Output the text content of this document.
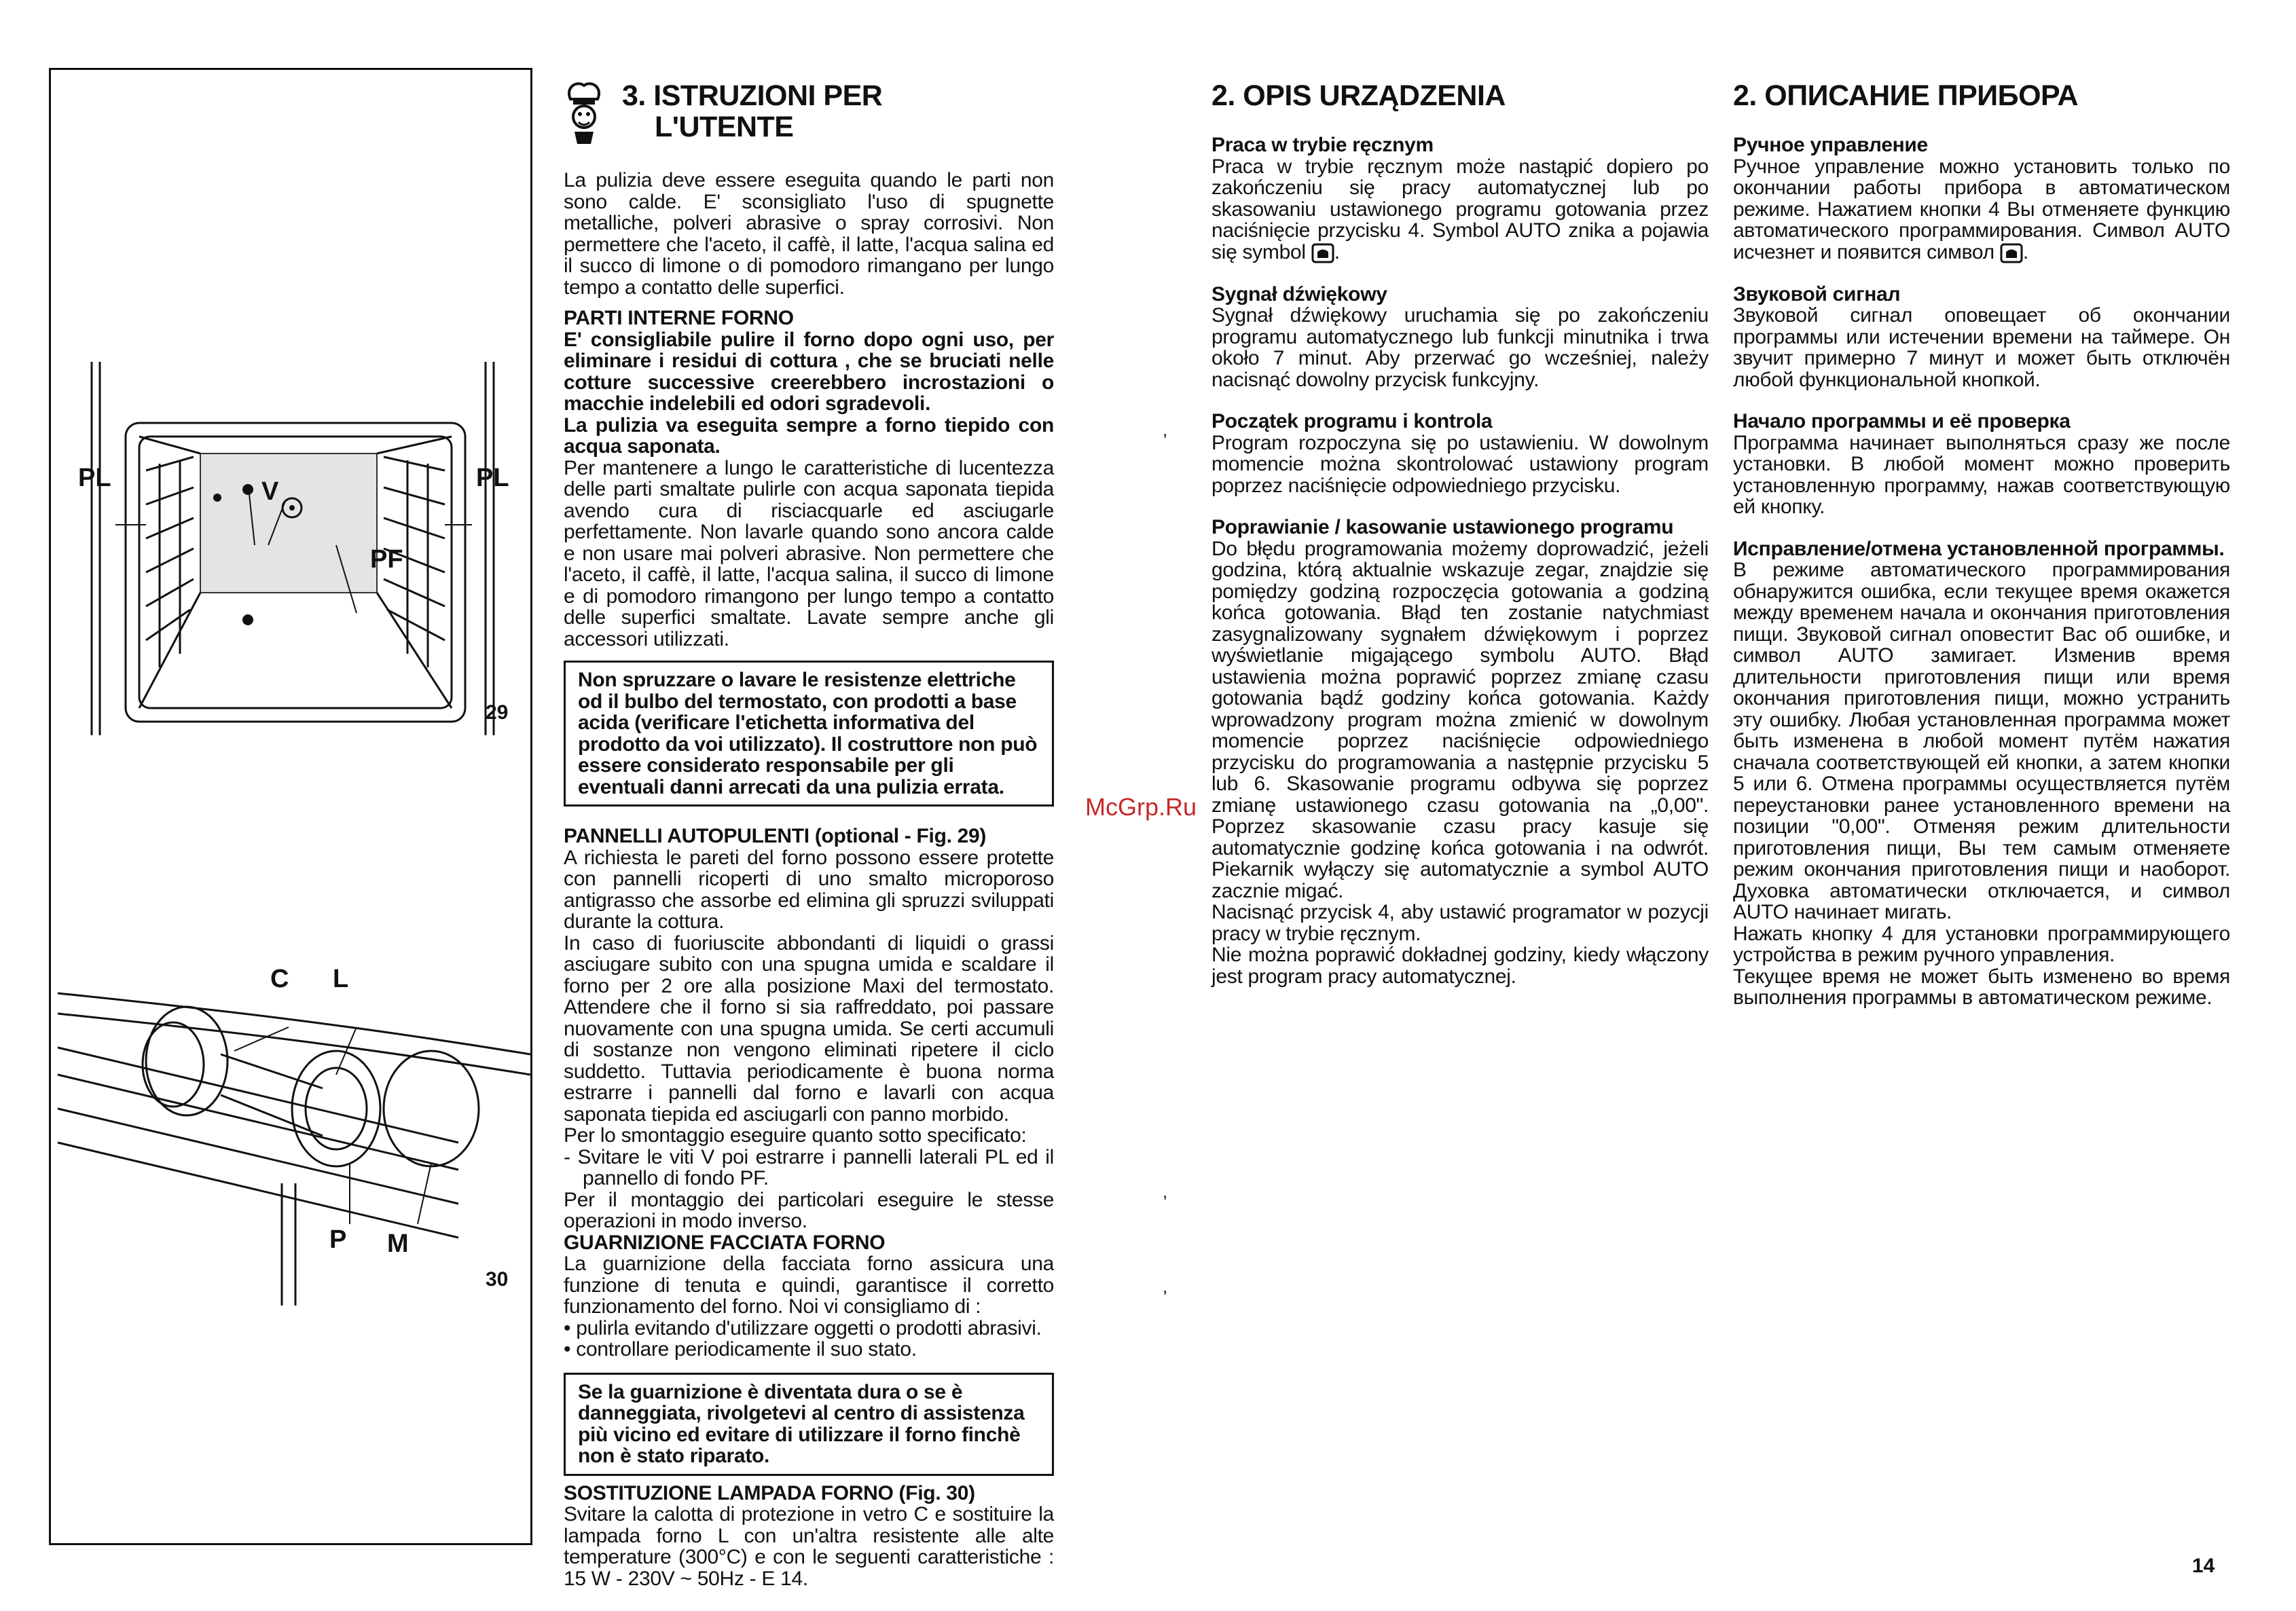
PL	PL
V
PF
29
C L
P M
30

3. ISTRUZIONI PER

L'UTENTE

La pulizia deve essere eseguita quando le parti non sono calde. E' sconsigliato l'uso di spugnette metalliche, polveri abrasive o spray corrosivi. Non permettere che l'aceto, il caffè, il latte, l'acqua salina ed il succo di limone o di pomodoro rimangano per lungo tempo a contatto delle superfici.

PARTI INTERNE FORNO

E' consigliabile pulire il forno dopo ogni uso, per eliminare i residui di cottura , che se bruciati nelle cotture successive creerebbero incrostazioni o macchie indelebili ed odori sgradevoli.

La pulizia va eseguita sempre a forno tiepido con acqua saponata.

Per mantenere a lungo le caratteristiche di lucentezza delle parti smaltate pulirle con acqua saponata tiepida avendo cura di risciacquarle ed asciugarle perfettamente. Non lavarle quando sono ancora calde e non usare mai polveri abrasive. Non permettere che l'aceto, il caffè, il latte, l'acqua salina, il succo di limone e di pomodoro rimangono per lungo tempo a contatto delle superfici smaltate. Lavate sempre anche gli accessori utilizzati.

Non spruzzare o lavare le resistenze elettriche od il bulbo del termostato, con prodotti a base acida (verificare l'etichetta informativa del prodotto da voi utilizzato). Il costruttore non può essere considerato responsabile per gli eventuali danni arrecati da una pulizia errata.

PANNELLI AUTOPULENTI (optional - Fig. 29)

A richiesta le pareti del forno possono essere protette con pannelli ricoperti di uno smalto microporoso antigrasso che assorbe ed elimina gli spruzzi sviluppati durante la cottura.

In caso di fuoriuscite abbondanti di liquidi o grassi asciugare subito con una spugna umida e scaldare il forno per 2 ore alla posizione Maxi del termostato. Attendere che il forno si sia raffreddato, poi passare nuovamente con una spugna umida. Se certi accumuli di sostanze non vengono eliminati ripetere il ciclo suddetto. Tuttavia periodicamente è buona norma estrarre i pannelli dal forno e lavarli con acqua saponata tiepida ed asciugarli con panno morbido.

Per lo smontaggio eseguire quanto sotto specificato:

- Svitare le viti V poi estrarre i pannelli laterali PL ed il pannello di fondo PF.

Per il montaggio dei particolari eseguire le stesse operazioni in modo inverso.

GUARNIZIONE FACCIATA FORNO

La guarnizione della facciata forno assicura una funzione di tenuta e quindi, garantisce il corretto funzionamento del forno. Noi vi consigliamo di :

• pulirla evitando d'utilizzare oggetti o prodotti abrasivi.

• controllare periodicamente il suo stato.

Se la guarnizione è diventata dura o se è danneggiata, rivolgetevi al centro di assistenza più vicino ed evitare di utilizzare il forno finchè non è stato riparato.

SOSTITUZIONE LAMPADA FORNO (Fig. 30)

Svitare la calotta di protezione in vetro C e sostituire la lampada forno L con un'altra resistente alle alte temperature (300°C) e con le seguenti caratteristiche : 15 W - 230V ~ 50Hz - E 14.

2. OPIS URZĄDZENIA

Praca w trybie ręcznym

Praca w trybie ręcznym może nastąpić dopiero po zakończeniu się pracy automatycznej lub po skasowaniu ustawionego programu gotowania przez naciśnięcie przycisku 4. Symbol AUTO znika a pojawia się symbol .

Sygnał dźwiękowy

Sygnał dźwiękowy uruchamia się po zakończeniu programu automatycznego lub funkcji minutnika i trwa około 7 minut. Aby przerwać go wcześniej, należy nacisnąć dowolny przycisk funkcyjny.

Początek programu i kontrola

Program rozpoczyna się po ustawieniu. W dowolnym momencie można skontrolować ustawiony program poprzez naciśnięcie odpowiedniego przycisku.

Poprawianie / kasowanie ustawionego programu

Do błędu programowania możemy doprowadzić, jeżeli godzina, którą aktualnie wskazuje zegar, znajdzie się pomiędzy godziną rozpoczęcia gotowania a godziną końca gotowania. Błąd ten zostanie natychmiast zasygnalizowany sygnałem dźwiękowym i poprzez wyświetlanie migającego symbolu AUTO. Błąd ustawienia można poprawić poprzez zmianę czasu gotowania bądź godziny końca gotowania. Każdy wprowadzony program można zmienić w dowolnym momencie poprzez naciśnięcie odpowiedniego przycisku do programowania a następnie przycisku 5 lub 6. Skasowanie programu odbywa się poprzez zmianę ustawionego czasu gotowania na „0,00". Poprzez skasowanie czasu pracy kasuje się automatycznie godzinę końca gotowania i na odwrót. Piekarnik wyłączy się automatycznie a symbol AUTO zacznie migać.

Nacisnąć przycisk 4, aby ustawić programator w pozycji pracy w trybie ręcznym.

Nie można poprawić dokładnej godziny, kiedy włączony jest program pracy automatycznej.

2. ОПИСАНИЕ ПРИБОРА

Ручное управление

Ручное управление можно установить только по окончании работы прибора в автоматическом режиме. Нажатием кнопки 4 Вы отменяете функцию автоматического программирования. Символ AUTO исчезнет и появится символ .

Звуковой сигнал

Звуковой сигнал оповещает об окончании программы или истечении времени на таймере. Он звучит примерно 7 минут и может быть отключён любой функциональной кнопкой.

Начало программы и её проверка

Программа начинает выполняться сразу же после установки. В любой момент можно проверить установленную программу, нажав соответствующую ей кнопку.

Исправление/отмена установленной программы.

В режиме автоматического программирования обнаружится ошибка, если текущее время окажется между временем начала и окончания приготовления пищи. Звуковой сигнал оповестит Вас об ошибке, и символ AUTO замигает. Изменив время длительности приготовления пищи или время окончания приготовления пищи, можно устранить эту ошибку. Любая установленная программа может быть изменена в любой момент путём нажатия сначала соответствующей ей кнопки, а затем кнопки 5 или 6. Отмена программы осуществляется путём переустановки ранее установленного времени на позиции "0,00". Отменяя режим длительности приготовления пищи, Вы тем самым отменяете режим окончания приготовления пищи и наоборот. Духовка автоматически отключается, и символ AUTO начинает мигать.

Нажать кнопку 4 для установки программирующего устройства в режим ручного управления.

Текущее время не может быть изменено во время выполнения программы в автоматическом режиме.

,
,
,
McGrp.Ru
14
